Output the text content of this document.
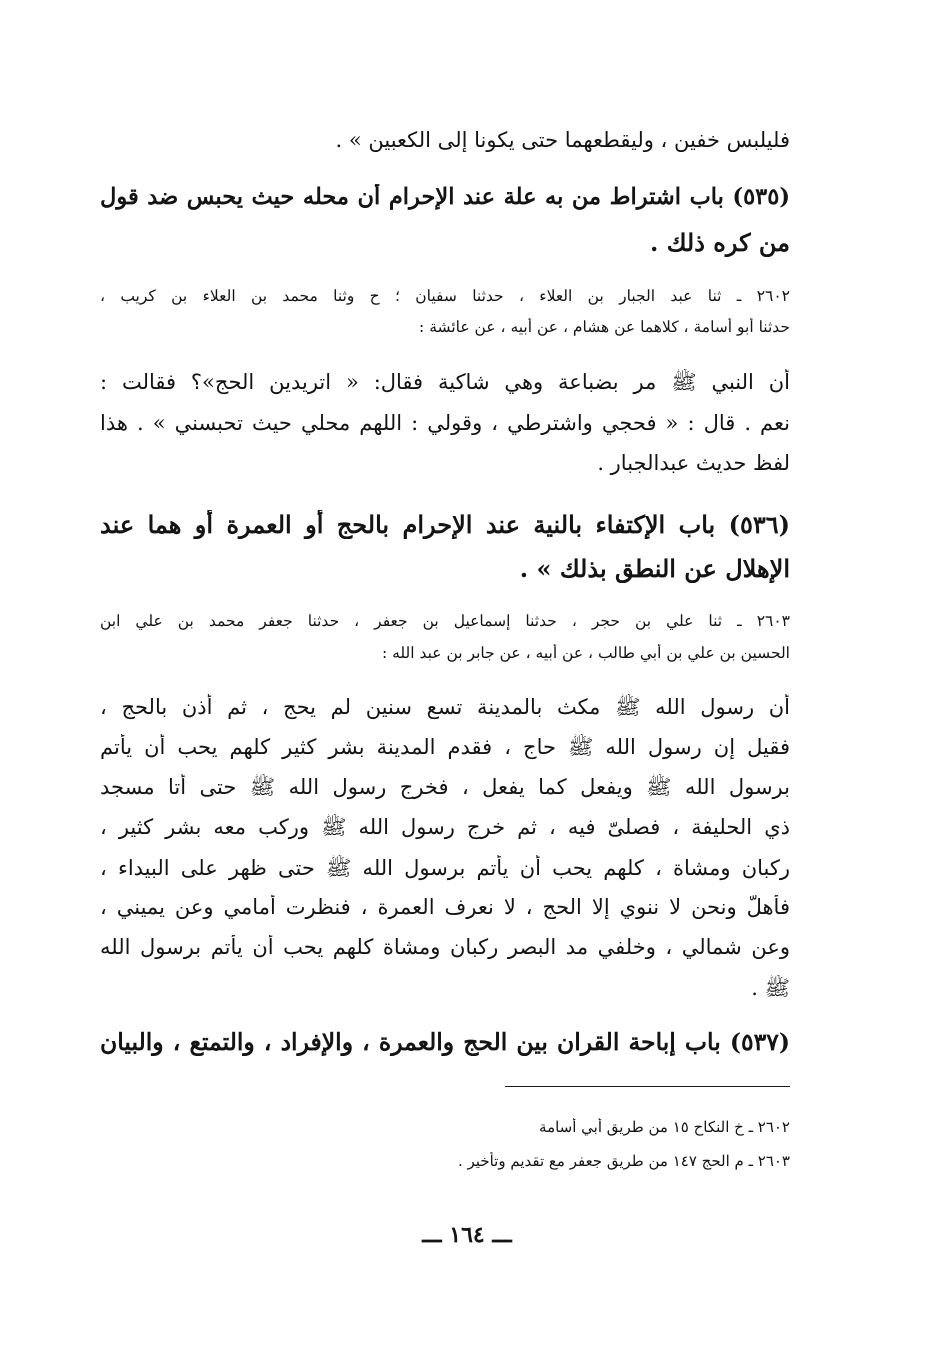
فليلبس خفين ، وليقطعهما حتى يكونا إلى الكعبين » .
(٥٣٥) باب اشتراط من به علة عند الإحرام أن محله حيث يحبس ضد قول
من كره ذلك .
٢٦٠٢ ـ ثنا عبد الجبار بن العلاء ، حدثنا سفيان ؛ ح وثنا محمد بن العلاء بن كريب ،
حدثنا أبو أسامة ، كلاهما عن هشام ، عن أبيه ، عن عائشة :
أن النبي ﷺ مر بضباعة وهي شاكية فقال: « اتريدين الحج»؟ فقالت :
نعم . قال : « فحجي واشترطي ، وقولي : اللهم محلي حيث تحبسني » . هذا
لفظ حديث عبدالجبار .
(٥٣٦) باب الإكتفاء بالنية عند الإحرام بالحج أو العمرة أو هما عند
الإهلال عن النطق بذلك » .
٢٦٠٣ ـ ثنا علي بن حجر ، حدثنا إسماعيل بن جعفر ، حدثنا جعفر محمد بن علي ابن
الحسين بن علي بن أبي طالب ، عن أبيه ، عن جابر بن عبد الله :
أن رسول الله ﷺ مكث بالمدينة تسع سنين لم يحج ، ثم أذن بالحج ،
فقيل إن رسول الله ﷺ حاج ، فقدم المدينة بشر كثير كلهم يحب أن يأتم
برسول الله ﷺ ويفعل كما يفعل ، فخرج رسول الله ﷺ حتى أتا مسجد
ذي الحليفة ، فصلىّ فيه ، ثم خرج رسول الله ﷺ وركب معه بشر كثير ،
ركبان ومشاة ، كلهم يحب أن يأتم برسول الله ﷺ حتى ظهر على البيداء ،
فأهلّ ونحن لا ننوي إلا الحج ، لا نعرف العمرة ، فنظرت أمامي وعن يميني ،
وعن شمالي ، وخلفي مد البصر ركبان ومشاة كلهم يحب أن يأتم برسول الله
ﷺ .
(٥٣٧) باب إباحة القران بين الحج والعمرة ، والإفراد ، والتمتع ، والبيان
٢٦٠٢ ـ خ النكاح ١٥ من طريق أبي أسامة
٢٦٠٣ ـ م الحج ١٤٧ من طريق جعفر مع تقديم وتأخير .
ـــ ١٦٤ ـــ
